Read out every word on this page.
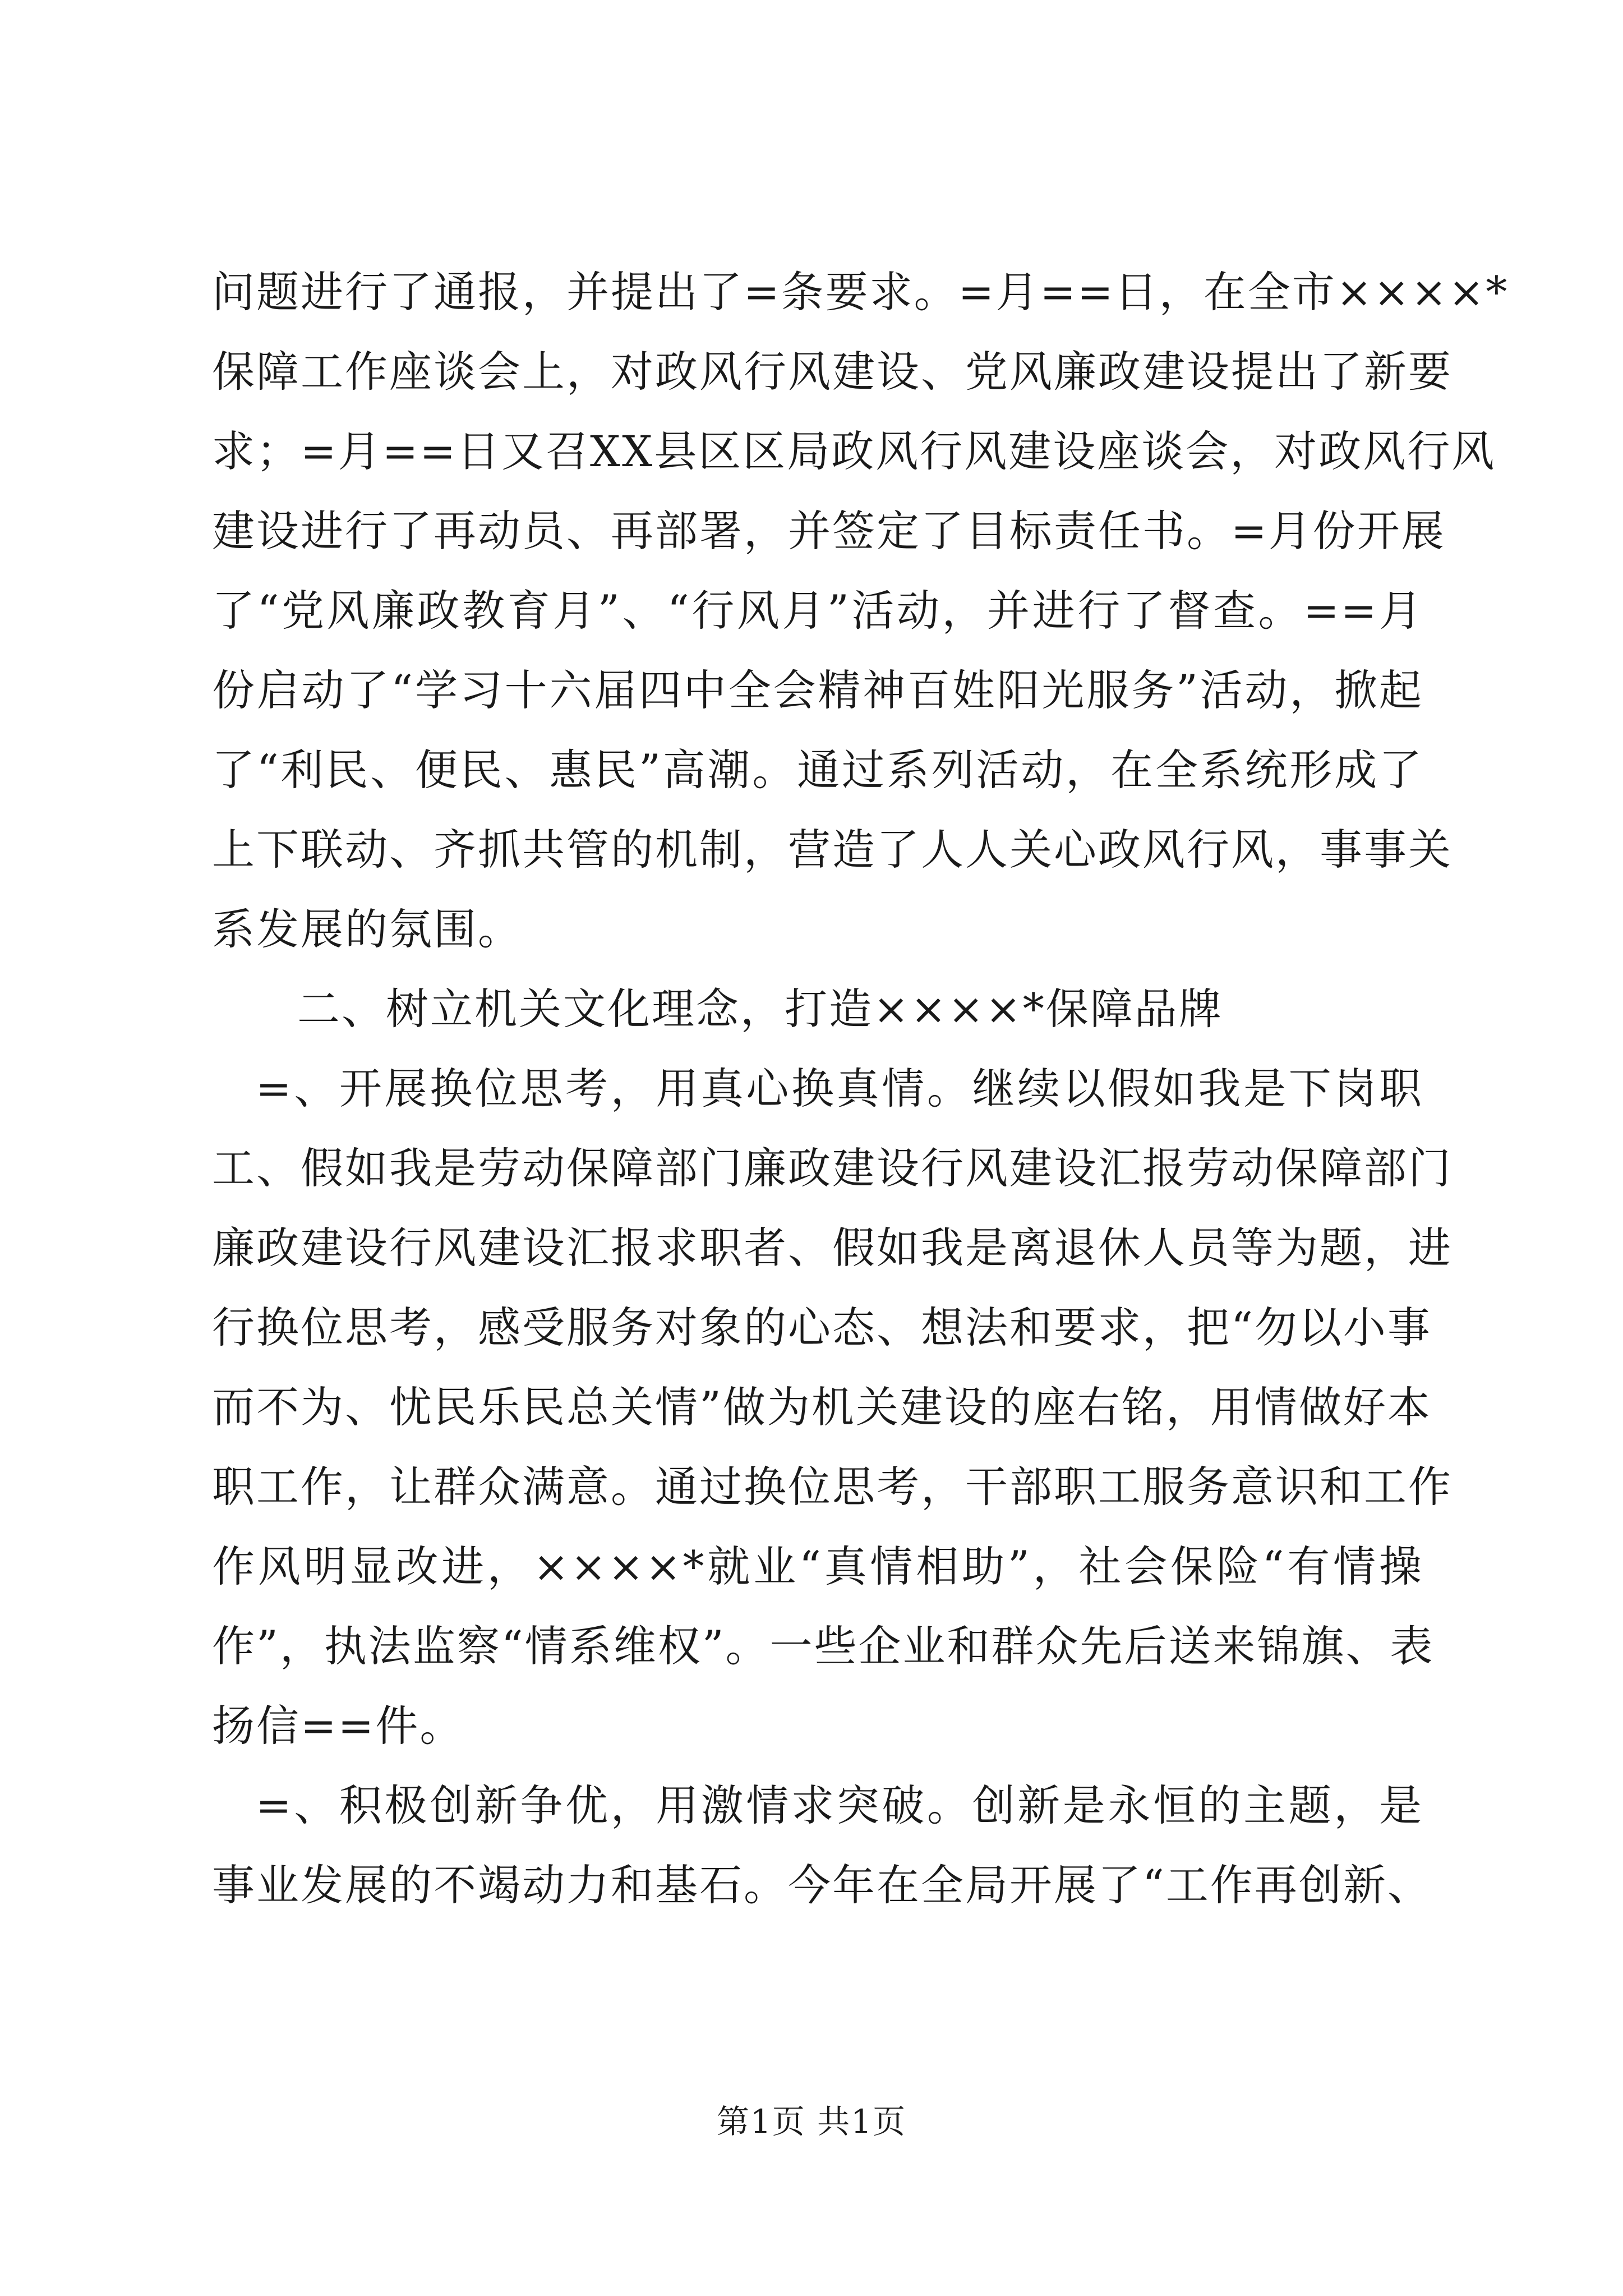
问题进行了通报，并提出了=条要求。=月==日，在全市××××*
保障工作座谈会上，对政风行风建设、党风廉政建设提出了新要
求；=月==日又召XX县区区局政风行风建设座谈会，对政风行风
建设进行了再动员、再部署，并签定了目标责任书。=月份开展
了“党风廉政教育月”、“行风月”活动，并进行了督查。==月
份启动了“学习十六届四中全会精神百姓阳光服务”活动，掀起
了“利民、便民、惠民”高潮。通过系列活动，在全系统形成了
上下联动、齐抓共管的机制，营造了人人关心政风行风，事事关
系发展的氛围。
二、树立机关文化理念，打造××××*保障品牌
=、开展换位思考，用真心换真情。继续以假如我是下岗职
工、假如我是劳动保障部门廉政建设行风建设汇报劳动保障部门
廉政建设行风建设汇报求职者、假如我是离退休人员等为题，进
行换位思考，感受服务对象的心态、想法和要求，把“勿以小事
而不为、忧民乐民总关情”做为机关建设的座右铭，用情做好本
职工作，让群众满意。通过换位思考，干部职工服务意识和工作
作风明显改进，××××*就业“真情相助”，社会保险“有情操
作”，执法监察“情系维权”。一些企业和群众先后送来锦旗、表
扬信==件。
=、积极创新争优，用激情求突破。创新是永恒的主题，是
事业发展的不竭动力和基石。今年在全局开展了“工作再创新、
第1页 共1页
